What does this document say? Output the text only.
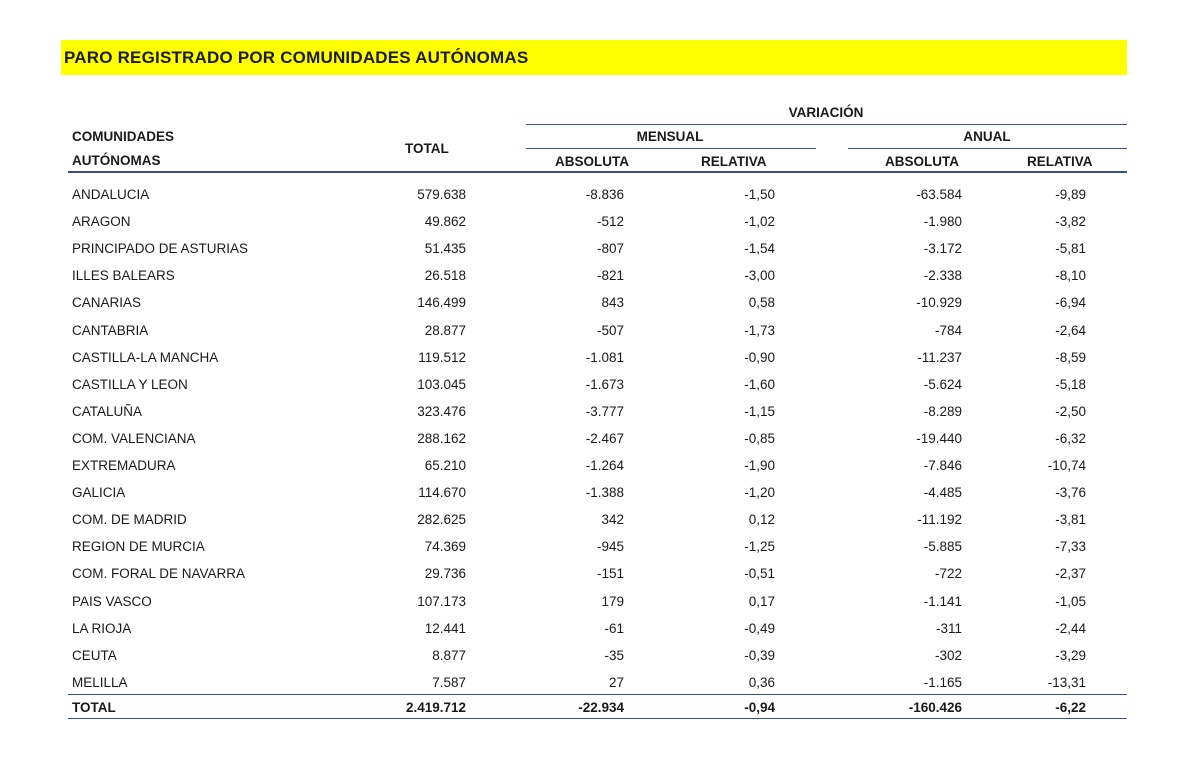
PARO REGISTRADO POR COMUNIDADES AUTÓNOMAS
VARIACIÓN
COMUNIDADES
AUTÓNOMAS
TOTAL
MENSUAL	ANUAL
ABSOLUTA	RELATIVA	ABSOLUTA	RELATIVA
ANDALUCIA	579.638	-8.836	-1,50	-63.584	-9,89
ARAGON	49.862	-512	-1,02	-1.980	-3,82
PRINCIPADO DE ASTURIAS	51.435	-807	-1,54	-3.172	-5,81
ILLES BALEARS	26.518	-821	-3,00	-2.338	-8,10
CANARIAS	146.499	843	0,58	-10.929	-6,94
CANTABRIA	28.877	-507	-1,73	-784	-2,64
CASTILLA-LA MANCHA	119.512	-1.081	-0,90	-11.237	-8,59
CASTILLA Y LEON	103.045	-1.673	-1,60	-5.624	-5,18
CATALUÑA	323.476	-3.777	-1,15	-8.289	-2,50
COM. VALENCIANA	288.162	-2.467	-0,85	-19.440	-6,32
EXTREMADURA	65.210	-1.264	-1,90	-7.846	-10,74
GALICIA	114.670	-1.388	-1,20	-4.485	-3,76
COM. DE MADRID	282.625	342	0,12	-11.192	-3,81
REGION DE MURCIA	74.369	-945	-1,25	-5.885	-7,33
COM. FORAL DE NAVARRA	29.736	-151	-0,51	-722	-2,37
PAIS VASCO	107.173	179	0,17	-1.141	-1,05
LA RIOJA	12.441	-61	-0,49	-311	-2,44
CEUTA	8.877	-35	-0,39	-302	-3,29
MELILLA	7.587	27	0,36	-1.165	-13,31
TOTAL	2.419.712	-22.934	-0,94	-160.426	-6,22
